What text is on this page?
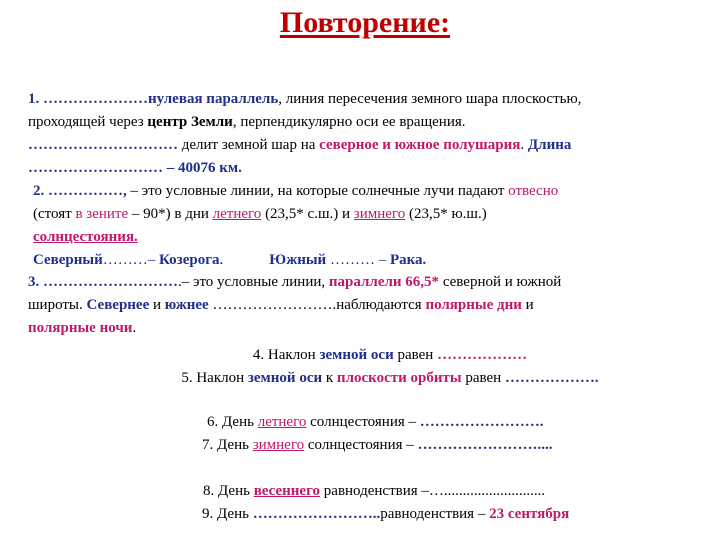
Повторение:
1. …………………нулевая параллель, линия пересечения земного шара плоскостью,
проходящей через центр Земли, перпендикулярно оси ее вращения.
………………………… делит земной шар на северное и южное полушария. Длина
……………………… – 40076 км.
2. ……………, – это условные линии, на которые солнечные лучи падают отвесно
(стоят в зените – 90*) в дни летнего (23,5* с.ш.) и зимнего (23,5* ю.ш.)
солнцестояния.
Северный………– Козерога.	Южный ……… – Рака.
3. ……………………….– это условные линии, параллели 66,5* северной и южной
широты. Севернее и южнее …………………….наблюдаются полярные дни и
полярные ночи.
4. Наклон земной оси равен ………………
5. Наклон земной оси к плоскости орбиты равен ……………….
6. День летнего солнцестояния – …………………….
7. День зимнего солнцестояния – ……………………....
8. День весеннего равноденствия –…...........................
9. День ……………………..равноденствия – 23 сентября
